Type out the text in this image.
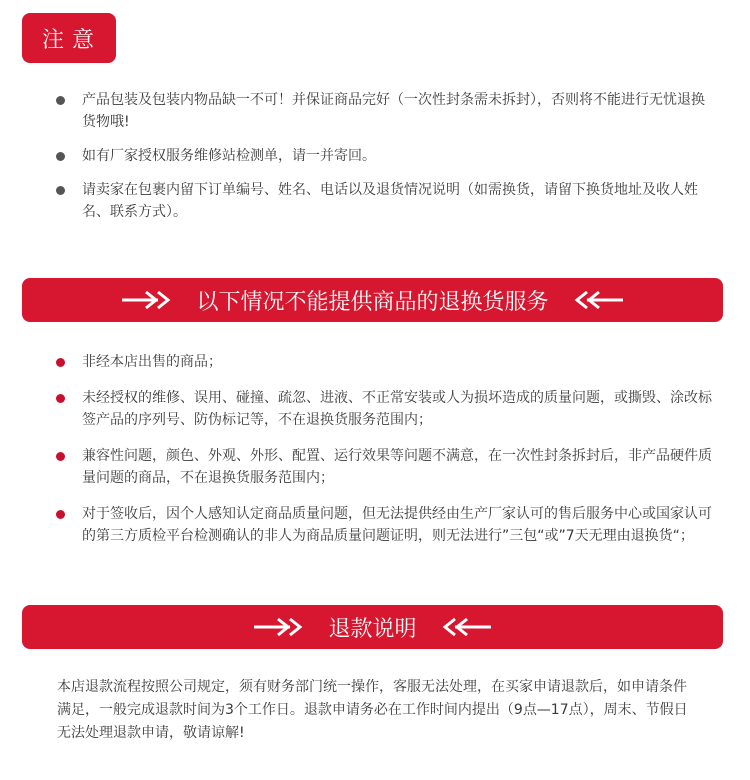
注意
产品包装及包装内物品缺一不可！并保证商品完好（一次性封条需未拆封），否则将不能进行无忧退换货物哦!
如有厂家授权服务维修站检测单，请一并寄回。
请卖家在包裹内留下订单编号、姓名、电话以及退货情况说明（如需换货，请留下换货地址及收人姓名、联系方式）。
以下情况不能提供商品的退换货服务
非经本店出售的商品；
未经授权的维修、误用、碰撞、疏忽、进液、不正常安装或人为损坏造成的质量问题，或撕毁、涂改标签产品的序列号、防伪标记等，不在退换货服务范围内；
兼容性问题，颜色、外观、外形、配置、运行效果等问题不满意，在一次性封条拆封后，非产品硬件质量问题的商品，不在退换货服务范围内；
对于签收后，因个人感知认定商品质量问题，但无法提供经由生产厂家认可的售后服务中心或国家认可的第三方质检平台检测确认的非人为商品质量问题证明，则无法进行”三包“或”7天无理由退换货“；
退款说明

本店退款流程按照公司规定，须有财务部门统一操作，客服无法处理，在买家申请退款后，如申请条件满足，一般完成退款时间为3个工作日。退款申请务必在工作时间内提出（9点—17点），周末、节假日无法处理退款申请，敬请谅解!
